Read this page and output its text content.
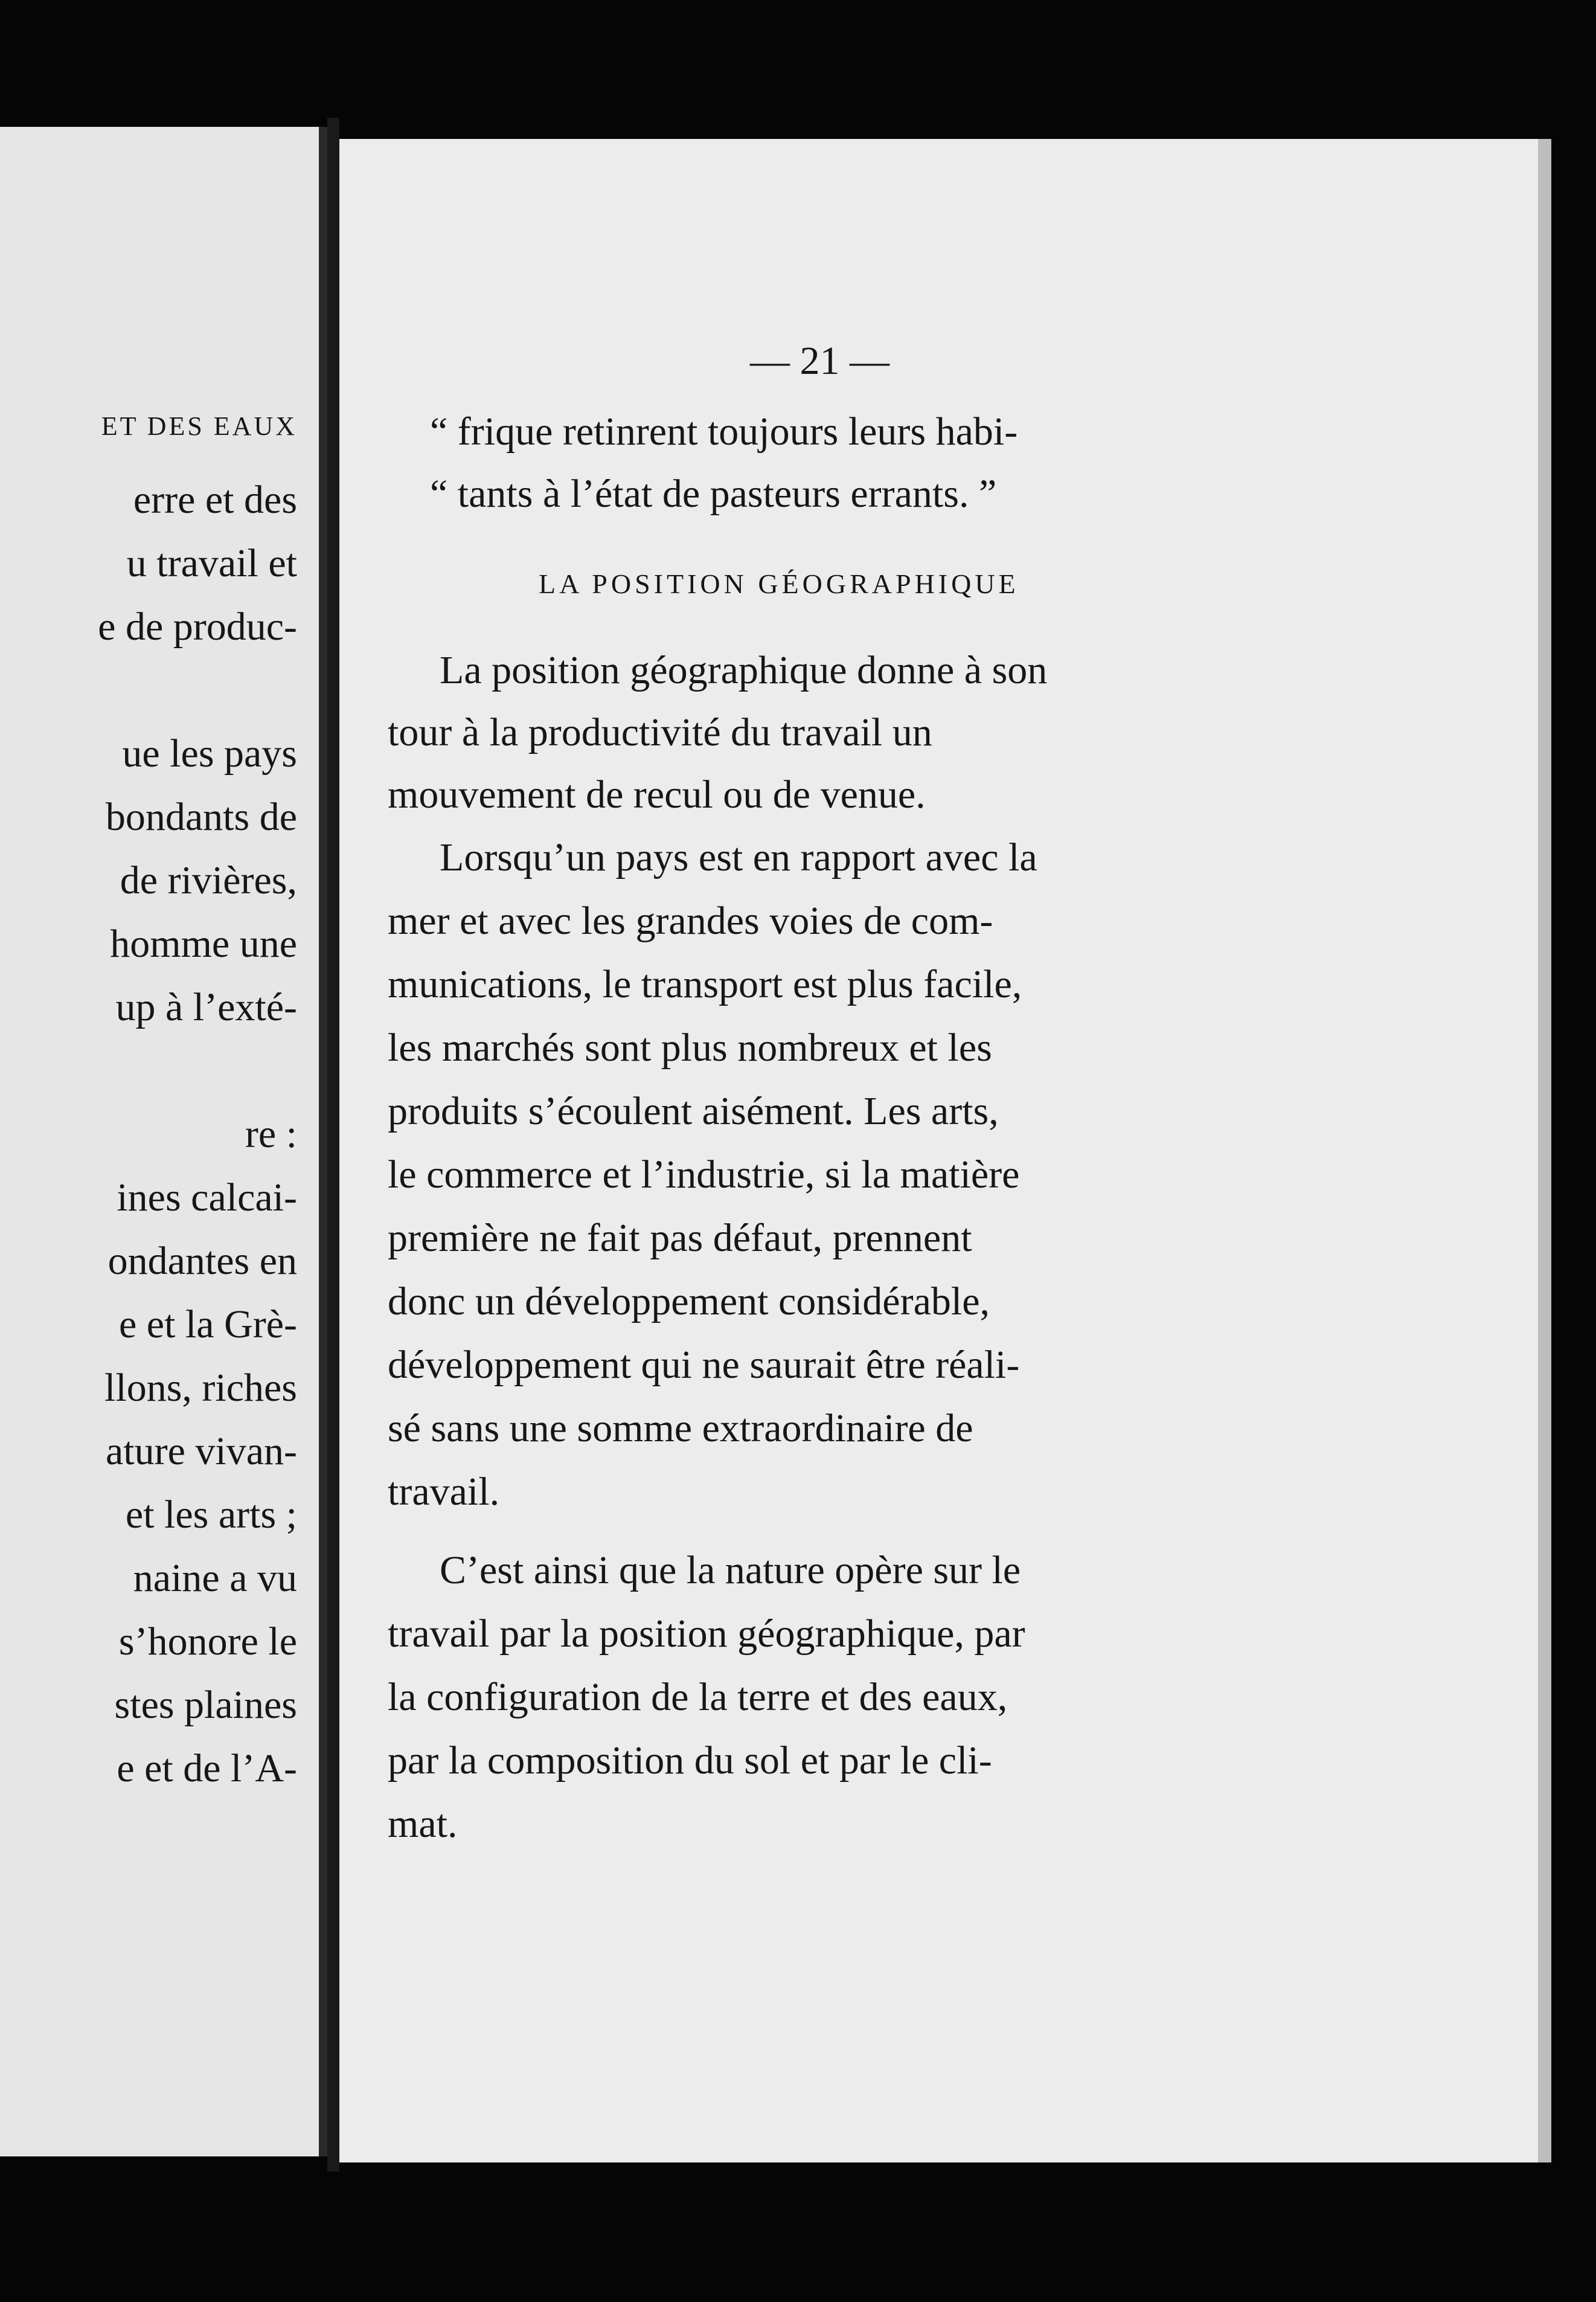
ET DES EAUX
erre et des
u travail et
e de produc-
ue les pays
bondants de
de rivières,
homme une
up à l’exté-
re :
ines calcai-
ondantes en
e et la Grè-
llons, riches
ature vivan-
et les arts ;
naine a vu
s’honore le
stes plaines
e et de l’A-
— 21 —
“ frique retinrent toujours leurs habi-
“ tants à l’état de pasteurs errants. ”
LA POSITION GÉOGRAPHIQUE
La position géographique donne à son
tour à la productivité du travail un
mouvement de recul ou de venue.
Lorsqu’un pays est en rapport avec la
mer et avec les grandes voies de com-
munications, le transport est plus facile,
les marchés sont plus nombreux et les
produits s’écoulent aisément. Les arts,
le commerce et l’industrie, si la matière
première ne fait pas défaut, prennent
donc un développement considérable,
développement qui ne saurait être réali-
sé sans une somme extraordinaire de
travail.
C’est ainsi que la nature opère sur le
travail par la position géographique, par
la configuration de la terre et des eaux,
par la composition du sol et par le cli-
mat.
